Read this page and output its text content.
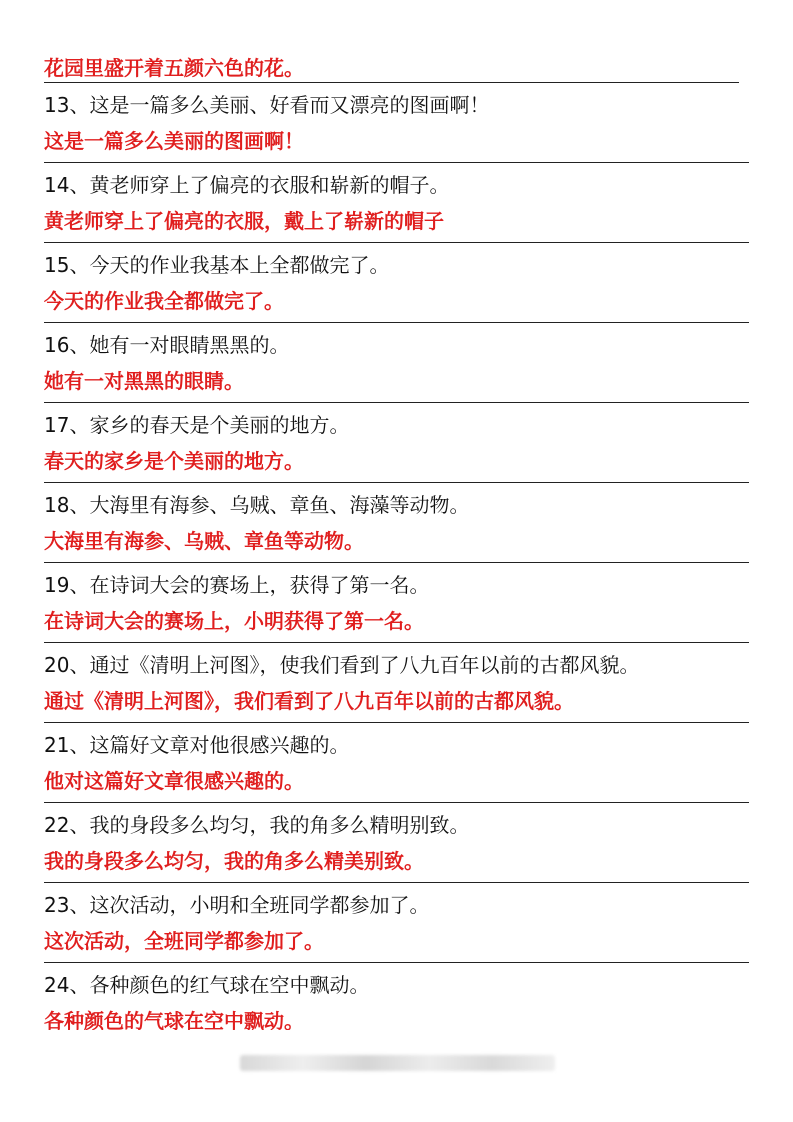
花园里盛开着五颜六色的花。
13、这是一篇多么美丽、好看而又漂亮的图画啊！
这是一篇多么美丽的图画啊！
14、黄老师穿上了偏亮的衣服和崭新的帽子。
黄老师穿上了偏亮的衣服，戴上了崭新的帽子
15、今天的作业我基本上全都做完了。
今天的作业我全都做完了。
16、她有一对眼睛黑黑的。
她有一对黑黑的眼睛。
17、家乡的春天是个美丽的地方。
春天的家乡是个美丽的地方。
18、大海里有海参、乌贼、章鱼、海藻等动物。
大海里有海参、乌贼、章鱼等动物。
19、在诗词大会的赛场上，获得了第一名。
在诗词大会的赛场上，小明获得了第一名。
20、通过《清明上河图》，使我们看到了八九百年以前的古都风貌。
通过《清明上河图》，我们看到了八九百年以前的古都风貌。
21、这篇好文章对他很感兴趣的。
他对这篇好文章很感兴趣的。
22、我的身段多么均匀，我的角多么精明别致。
我的身段多么均匀，我的角多么精美别致。
23、这次活动，小明和全班同学都参加了。
这次活动，全班同学都参加了。
24、各种颜色的红气球在空中飘动。
各种颜色的气球在空中飘动。
